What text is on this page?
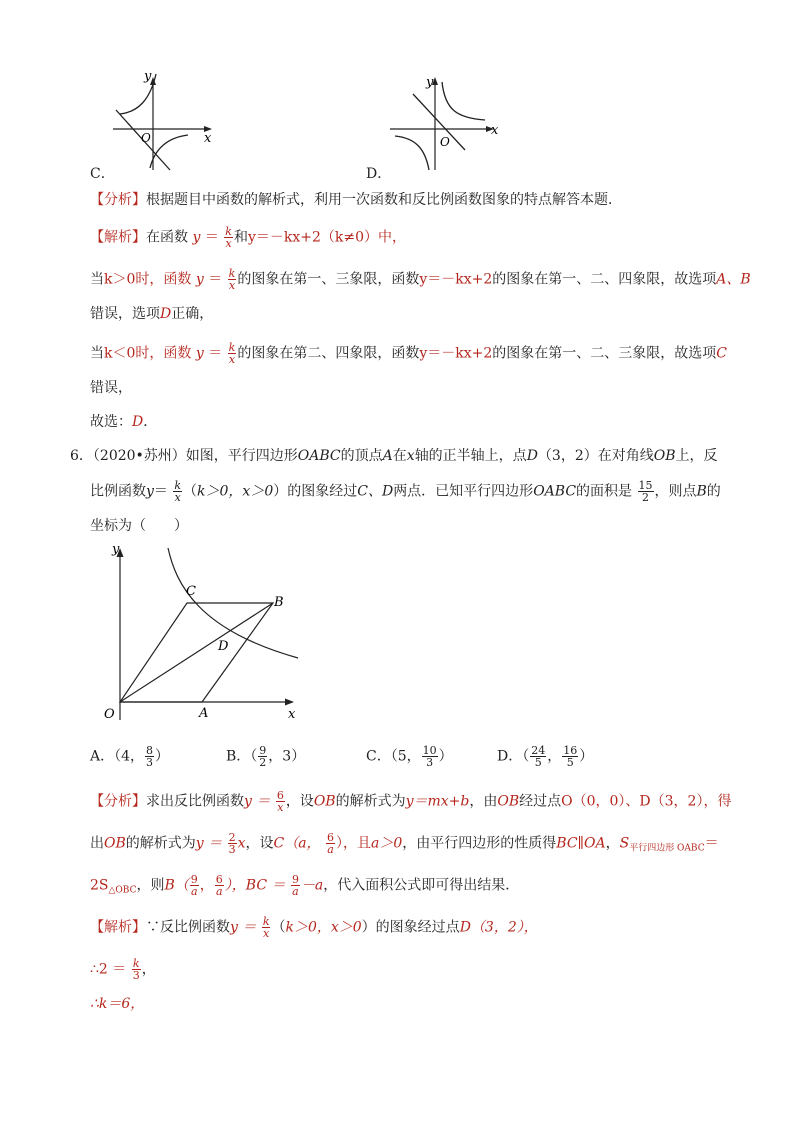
y
x
O
C．
y
x
O
D．
【分析】根据题目中函数的解析式，利用一次函数和反比例函数图象的特点解答本题．
【解析】在函数 $y = \frac{k}{x}$ 和y＝－kx+2（k≠0）中，
当k＞0时，函数 $y = \frac{k}{x}$ 的图象在第一、三象限，函数y＝－kx+2的图象在第一、二、四象限，故选项A、B
错误，选项D正确，
当k＜0时，函数 $y = \frac{k}{x}$ 的图象在第二、四象限，函数y＝－kx+2的图象在第一、二、三象限，故选项C
错误，
故选：D．
6．（2020•苏州）如图，平行四边形OABC的顶点A在x轴的正半轴上，点D（3，2）在对角线OB上，反
比例函数$y= \frac{k}{x} (k>0$，x＞0）的图象经过C、D两点．已知平行四边形OABC的面积是 $\frac{15}{2}$ ，则点B的
坐标为（　　）
y
x
O	A
B
C
D
A．（4， $\frac{8}{3}$ ）	B．（ $\frac{9}{2}$ ，3）	C．（5， $\frac{10}{3}$ ）	D．（ $\frac{24}{5}$ ， $\frac{16}{5}$ ）
【分析】求出反比例函数$y = \frac{6}{x}$ ，设OB的解析式为y＝mx+b，由OB经过点O（0，0）、D（3，2），得
出OB的解析式为$y = \frac{2}{3}$ x，设C（a， $\frac{6}{a}$ ），且a＞0，由平行四边形的性质得BC∥OA，$S_{平行四边形 OABC}=$
$2S_{\triangle OBC}$，则$B( \frac{9}{a}$ ， $\frac{6}{a}$ ），BC ＝ $\frac{9}{a} -a$，代入面积公式即可得出结果．
【解析】∵反比例函数$y = \frac{k}{x} (k>0$，x＞0）的图象经过点D（3，2），
∴2 ＝ $\frac{k}{3}$ ，
∴k＝6，
